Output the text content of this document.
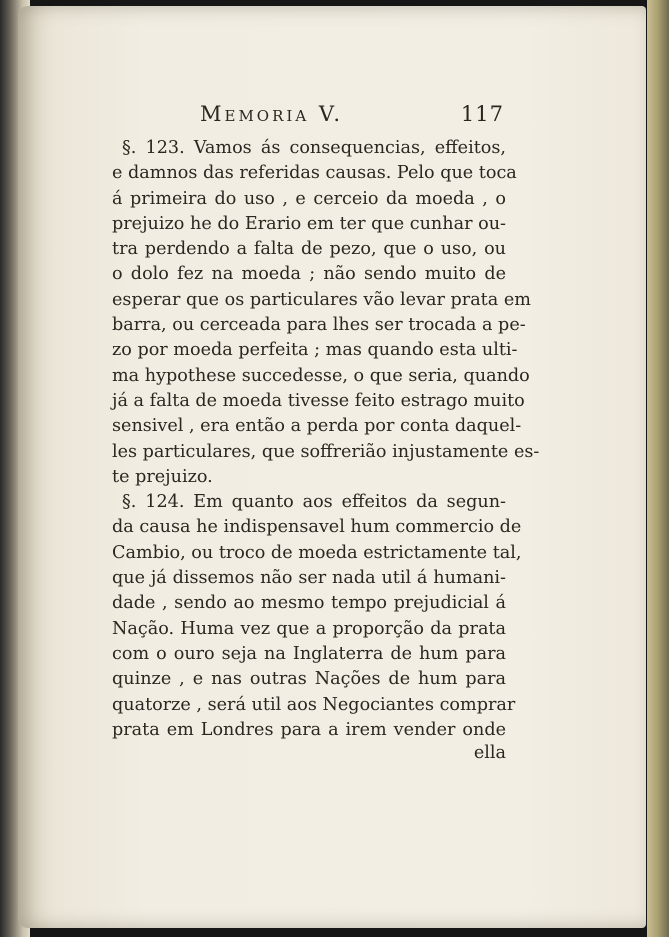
Memoria V.	117

§. 123. Vamos ás consequencias, effeitos,
e damnos das referidas causas. Pelo que toca
á primeira do uso , e cerceio da moeda , o
prejuizo he do Erario em ter que cunhar ou-
tra perdendo a falta de pezo, que o uso, ou
o dolo fez na moeda ; não sendo muito de
esperar que os particulares vão levar prata em
barra, ou cerceada para lhes ser trocada a pe-
zo por moeda perfeita ; mas quando esta ulti-
ma hypothese succedesse, o que seria, quando
já a falta de moeda tivesse feito estrago muito
sensivel , era então a perda por conta daquel-
les particulares, que soffrerião injustamente es-
te prejuizo.

§. 124. Em quanto aos effeitos da segun-
da causa he indispensavel hum commercio de
Cambio, ou troco de moeda estrictamente tal,
que já dissemos não ser nada util á humani-
dade , sendo ao mesmo tempo prejudicial á
Nação. Huma vez que a proporção da prata
com o ouro seja na Inglaterra de hum para
quinze , e nas outras Nações de hum para
quatorze , será util aos Negociantes comprar
prata em Londres para a irem vender onde

ella
